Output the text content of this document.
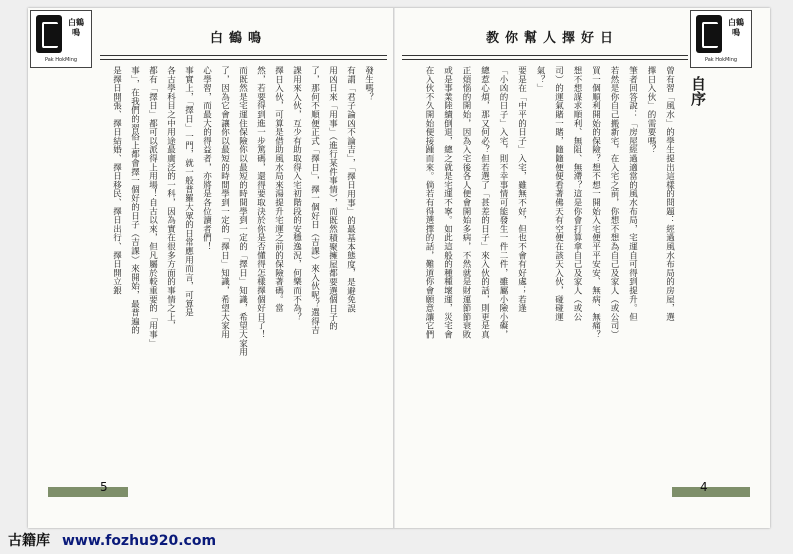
白鶴鳴
Pak HokMing
白鶴鳴
Pak HokMing
白鶴鳴	教你幫人擇好日
自序
曾有習「風水」的學生提出這樣的問題：經過風水布局的房屋，選
擇日入伙」的需要嗎？
筆者回答說：「房屋經過適當的風水布局，宅運自可得到提升。但
若然是你自己搬新宅，在入宅之前，你想不想為自己及家人（或公司）
買一個順利開始的保險？想不想一開始入宅便平平安安、無病、無痛？
想不想謀求順利、無阻、無滯？這是你會打算拿自己及家人（或公
司）的運氣賭一賭，隨隨便便看著佛天有空便在該天入伙，碰碰運
氣？」
要是在「中平的日子」入宅，雖無不好，但也不會有好處；若逢
「小凶的日子」入宅，則不幸事情可能發生一件二件，雖屬小險小礙，
總惹心煩，那又何必？但若選了「甚差的日子」來入伙的話，則更是真
正煩惱的開始，因為入宅後各人便會開始多病，不然就是財運節節衰敗
或是事業陸續倒退，總之就是宅運不寧。如此這般的種種壞運，災宅會
在入伙不久開始便接踵而來。倘若有得選擇的話，難道你會願意讓它們
發生嗎？
有謂「君子論凶不論吉」，「擇日用事」的最基本態度，是避免誤
用凶日來「用事」（進行某件事情），而既然積聚擁屋都要選個日子的
了，那何不順便正式「擇日」，擇一個好日（吉課）來入伙呢？選得吉
課用來入伙，互少有助取得入宅初階段的安穩逸況，何樂而不為？
擇日入伙，可算是借助風水局來湯提升宅運之前的保險著碼。當
然，若要得到進一步篤碼，還得要取決於你是否懂得怎樣擇個好日了！
而既然是宅運住保險你以最短的時間學到一定的「擇日」知識，希望大家用
了，因為它會讓你以最短的時間學到一定的「擇日」知識，希望大家用
心學習，而最大的得益者，亦將是各位讀者們！
事實上，「擇日」一門，就一般普羅大眾的日常應用而言，可算是
各古學科目之中用途最廣泛的一科，因為實在很多方面的事情之上，
都有「擇日」都可以派得上用場！自古以來，但凡屬於較重要的「用事」
事」，在我們的習俗上都會擇一個好的日子（吉課）來開始，最普遍的
是擇日開張、擇日結婚、擇日移民、擇日出行、擇日開立銀
5	4
古籍库 www.fozhu920.com
